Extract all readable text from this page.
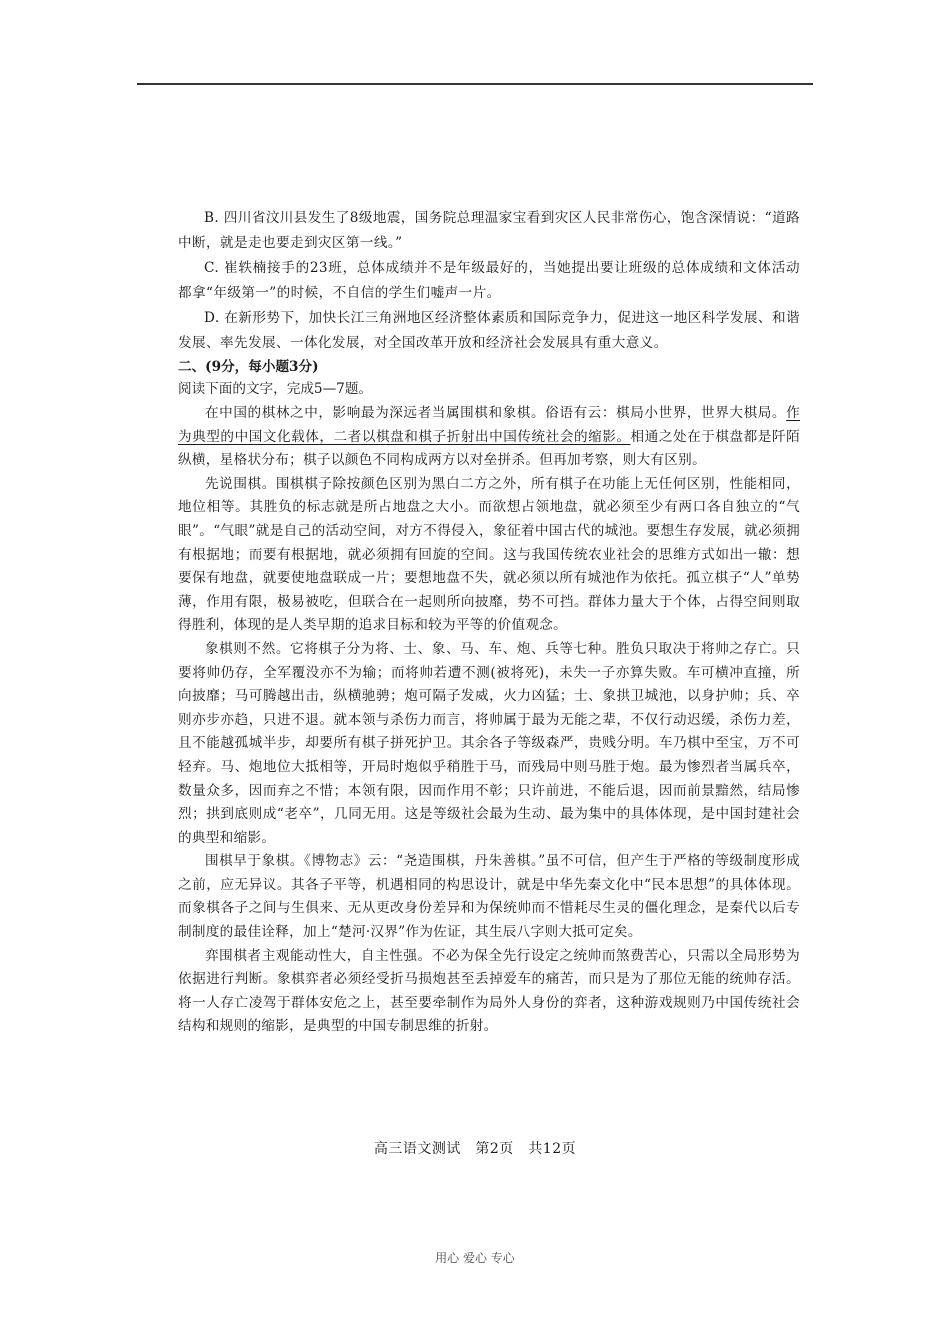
B. 四川省汶川县发生了8级地震，国务院总理温家宝看到灾区人民非常伤心，饱含深情说：“道路中断，就是走也要走到灾区第一线。”

C. 崔轶楠接手的23班，总体成绩并不是年级最好的，当她提出要让班级的总体成绩和文体活动都拿“年级第一”的时候，不自信的学生们嘘声一片。

D. 在新形势下，加快长江三角洲地区经济整体素质和国际竞争力，促进这一地区科学发展、和谐发展、率先发展、一体化发展，对全国改革开放和经济社会发展具有重大意义。

二、(9分，每小题3分)

阅读下面的文字，完成5—7题。

在中国的棋林之中，影响最为深远者当属围棋和象棋。俗语有云：棋局小世界，世界大棋局。作为典型的中国文化载体，二者以棋盘和棋子折射出中国传统社会的缩影。相通之处在于棋盘都是阡陌纵横，星格状分布；棋子以颜色不同构成两方以对垒拼杀。但再加考察，则大有区别。

先说围棋。围棋棋子除按颜色区别为黑白二方之外，所有棋子在功能上无任何区别，性能相同，地位相等。其胜负的标志就是所占地盘之大小。而欲想占领地盘，就必须至少有两口各自独立的“气眼”。“气眼”就是自己的活动空间，对方不得侵入，象征着中国古代的城池。要想生存发展，就必须拥有根据地；而要有根据地，就必须拥有回旋的空间。这与我国传统农业社会的思维方式如出一辙：想要保有地盘，就要使地盘联成一片；要想地盘不失，就必须以所有城池作为依托。孤立棋子“人”单势薄，作用有限，极易被吃，但联合在一起则所向披靡，势不可挡。群体力量大于个体，占得空间则取得胜利，体现的是人类早期的追求目标和较为平等的价值观念。

象棋则不然。它将棋子分为将、士、象、马、车、炮、兵等七种。胜负只取决于将帅之存亡。只要将帅仍存，全军覆没亦不为输；而将帅若遭不测(被将死)，未失一子亦算失败。车可横冲直撞，所向披靡；马可腾越出击，纵横驰骋；炮可隔子发威，火力凶猛；士、象拱卫城池，以身护帅；兵、卒则亦步亦趋，只进不退。就本领与杀伤力而言，将帅属于最为无能之辈，不仅行动迟缓，杀伤力差，且不能越孤城半步，却要所有棋子拼死护卫。其余各子等级森严，贵贱分明。车乃棋中至宝，万不可轻弃。马、炮地位大抵相等，开局时炮似乎稍胜于马，而残局中则马胜于炮。最为惨烈者当属兵卒，数量众多，因而弃之不惜；本领有限，因而作用不彰；只许前进，不能后退，因而前景黯然，结局惨烈；拱到底则成“老卒”，几同无用。这是等级社会最为生动、最为集中的具体体现，是中国封建社会的典型和缩影。

围棋早于象棋。《博物志》云：“尧造围棋，丹朱善棋。”虽不可信，但产生于严格的等级制度形成之前，应无异议。其各子平等，机遇相同的构思设计，就是中华先秦文化中“民本思想”的具体体现。而象棋各子之间与生俱来、无从更改身份差异和为保统帅而不惜耗尽生灵的僵化理念，是秦代以后专制制度的最佳诠释，加上“楚河·汉界”作为佐证，其生辰八字则大抵可定矣。

弈围棋者主观能动性大，自主性强。不必为保全先行设定之统帅而煞费苦心，只需以全局形势为依据进行判断。象棋弈者必须经受折马损炮甚至丢掉爱车的痛苦，而只是为了那位无能的统帅存活。将一人存亡凌驾于群体安危之上，甚至要牵制作为局外人身份的弈者，这种游戏规则乃中国传统社会结构和规则的缩影，是典型的中国专制思维的折射。

高三语文测试　第2页　共12页
用心 爱心 专心
